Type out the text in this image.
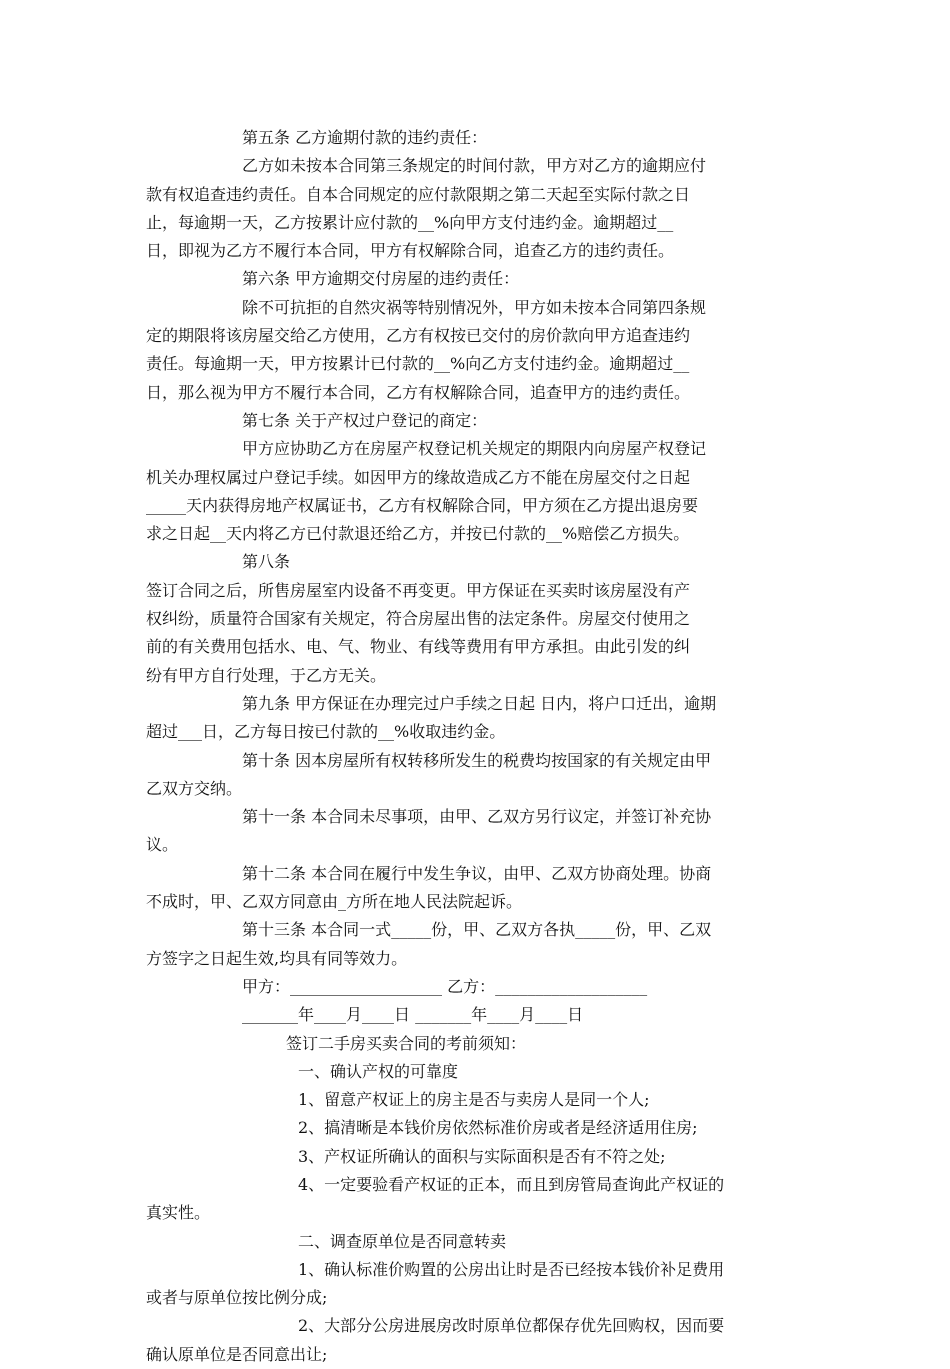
第五条 乙方逾期付款的违约责任：
乙方如未按本合同第三条规定的时间付款，甲方对乙方的逾期应付
款有权追查违约责任。自本合同规定的应付款限期之第二天起至实际付款之日
止，每逾期一天，乙方按累计应付款的__%向甲方支付违约金。逾期超过__
日，即视为乙方不履行本合同，甲方有权解除合同，追查乙方的违约责任。
第六条 甲方逾期交付房屋的违约责任：
除不可抗拒的自然灾祸等特别情况外，甲方如未按本合同第四条规
定的期限将该房屋交给乙方使用，乙方有权按已交付的房价款向甲方追查违约
责任。每逾期一天，甲方按累计已付款的__%向乙方支付违约金。逾期超过__
日，那么视为甲方不履行本合同，乙方有权解除合同，追查甲方的违约责任。
第七条 关于产权过户登记的商定：
甲方应协助乙方在房屋产权登记机关规定的期限内向房屋产权登记
机关办理权属过户登记手续。如因甲方的缘故造成乙方不能在房屋交付之日起
_____天内获得房地产权属证书，乙方有权解除合同，甲方须在乙方提出退房要
求之日起__天内将乙方已付款退还给乙方，并按已付款的__%赔偿乙方损失。
第八条
签订合同之后，所售房屋室内设备不再变更。甲方保证在买卖时该房屋没有产
权纠纷，质量符合国家有关规定，符合房屋出售的法定条件。房屋交付使用之
前的有关费用包括水、电、气、物业、有线等费用有甲方承担。由此引发的纠
纷有甲方自行处理，于乙方无关。
第九条 甲方保证在办理完过户手续之日起 日内，将户口迁出，逾期
超过___日，乙方每日按已付款的__%收取违约金。
第十条 因本房屋所有权转移所发生的税费均按国家的有关规定由甲
乙双方交纳。
第十一条 本合同未尽事项，由甲、乙双方另行议定，并签订补充协
议。
第十二条 本合同在履行中发生争议，由甲、乙双方协商处理。协商
不成时，甲、乙双方同意由_方所在地人民法院起诉。
第十三条 本合同一式_____份，甲、乙双方各执_____份，甲、乙双
方签字之日起生效,均具有同等效力。
甲方：___________________ 乙方：___________________
_______年____月____日 _______年____月____日
签订二手房买卖合同的考前须知：
一、确认产权的可靠度
1、留意产权证上的房主是否与卖房人是同一个人;
2、搞清晰是本钱价房依然标准价房或者是经济适用住房;
3、产权证所确认的面积与实际面积是否有不符之处;
4、一定要验看产权证的正本，而且到房管局查询此产权证的
真实性。
二、调查原单位是否同意转卖
1、确认标准价购置的公房出让时是否已经按本钱价补足费用
或者与原单位按比例分成;
2、大部分公房进展房改时原单位都保存优先回购权，因而要
确认原单位是否同意出让;
